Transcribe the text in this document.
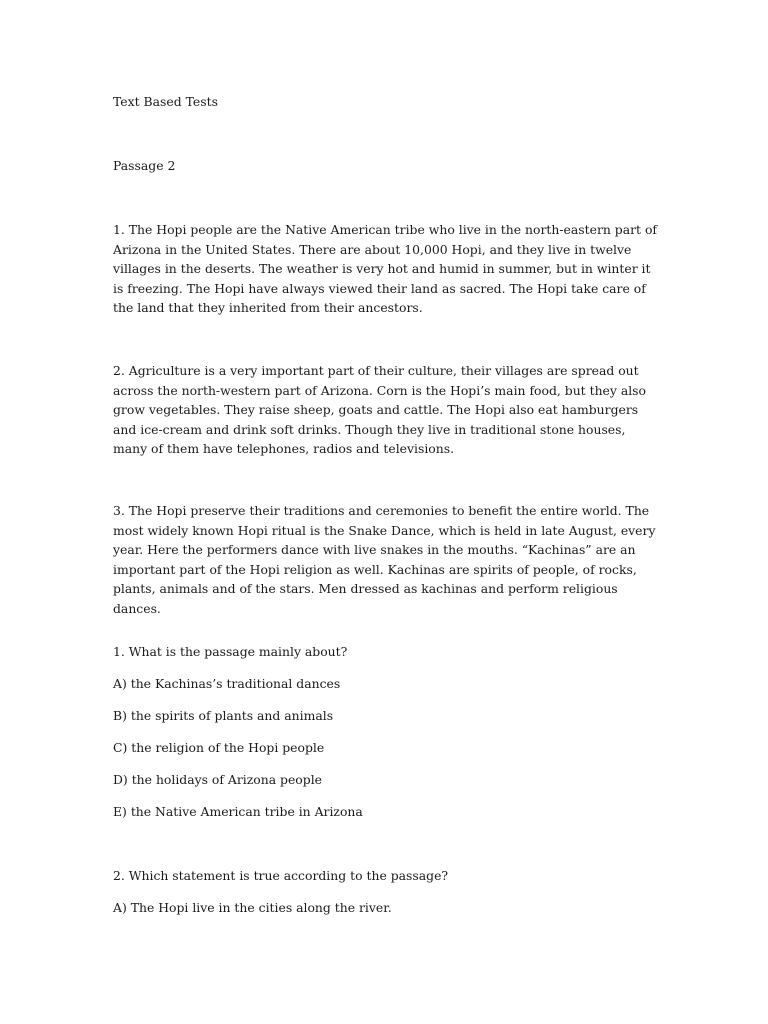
Text Based Tests

Passage 2

1. The Hopi people are the Native American tribe who live in the north-eastern part of Arizona in the United States. There are about 10,000 Hopi, and they live in twelve villages in the deserts. The weather is very hot and humid in summer, but in winter it is freezing. The Hopi have always viewed their land as sacred. The Hopi take care of the land that they inherited from their ancestors.

2. Agriculture is a very important part of their culture, their villages are spread out across the north-western part of Arizona. Corn is the Hopi’s main food, but they also grow vegetables. They raise sheep, goats and cattle. The Hopi also eat hamburgers and ice-cream and drink soft drinks. Though they live in traditional stone houses, many of them have telephones, radios and televisions.

3. The Hopi preserve their traditions and ceremonies to benefit the entire world. The most widely known Hopi ritual is the Snake Dance, which is held in late August, every year. Here the performers dance with live snakes in the mouths. “Kachinas” are an important part of the Hopi religion as well. Kachinas are spirits of people, of rocks, plants, animals and of the stars. Men dressed as kachinas and perform religious dances.

1. What is the passage mainly about?

A) the Kachinas’s traditional dances

B) the spirits of plants and animals

C) the religion of the Hopi people

D) the holidays of Arizona people

E) the Native American tribe in Arizona

2. Which statement is true according to the passage?

A) The Hopi live in the cities along the river.
